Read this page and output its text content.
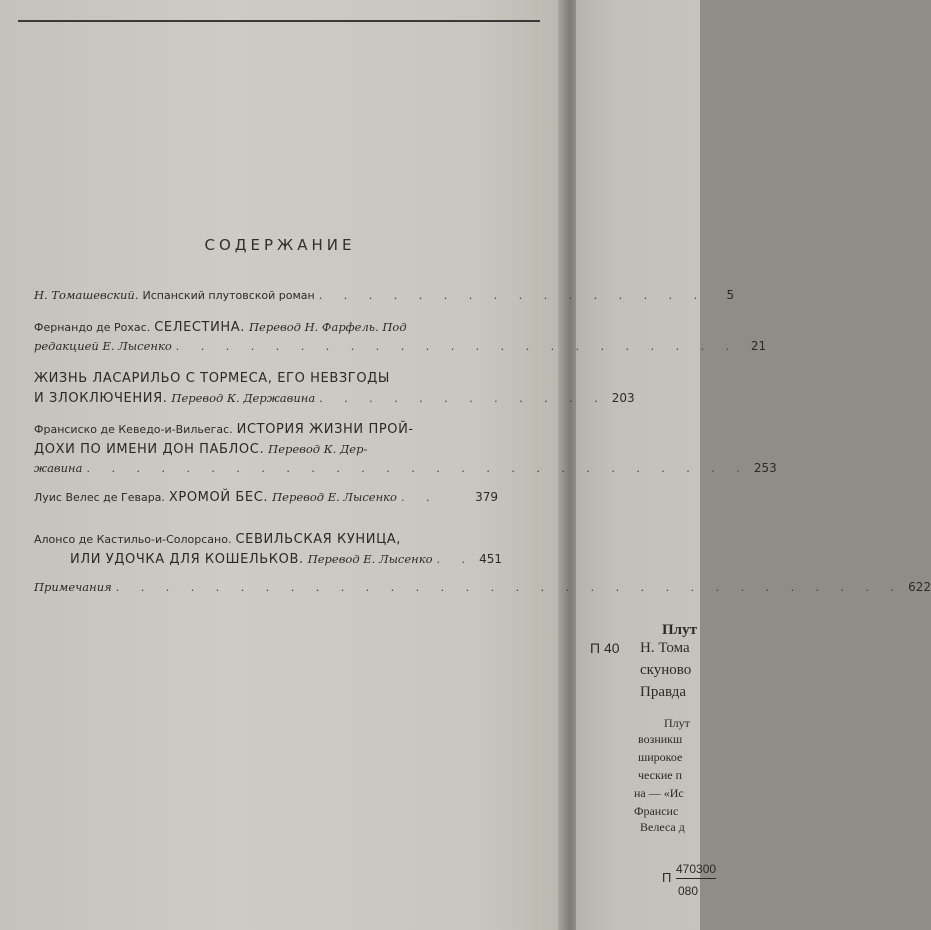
СОДЕРЖАНИЕ
Н. Томашевский.
Испанский плутовской роман . . . . . . . . . . . . . . . .	5
Фернандо де Рохас.
СЕЛЕСТИНА.
Перевод Н. Фарфель. Под
редакцией Е. Лысенко . . . . . . . . . . . . . . . . . . . . . . .	21
ЖИЗНЬ ЛАСАРИЛЬО С ТОРМЕСА, ЕГО НЕВЗГОДЫ
И ЗЛОКЛЮЧЕНИЯ.
Перевод К. Державина . . . . . . . . . . . . 203
Франсиско де Кеведо-и-Вильегас.
ИСТОРИЯ ЖИЗНИ ПРОЙ-
ДОХИ ПО ИМЕНИ ДОН ПАБЛОС.
Перевод К. Дер-
жавина . . . . . . . . . . . . . . . . . . . . . . . . . . . 253
Луис Велес де Гевара.
ХРОМОЙ БЕС.
Перевод Е. Лысенко . .	379
Алонсо де Кастильо-и-Солорсано.
СЕВИЛЬСКАЯ КУНИЦА,
ИЛИ УДОЧКА ДЛЯ КОШЕЛЬКОВ.
Перевод Е. Лысенко . . 451
Примечания . . . . . . . . . . . . . . . . . . . . . . . . . . . . . . . . 622
Плут
П 40 Н. Тома
скуново
Правда
Плут
возникш
широкое
ческие п
на — «Ис
Франсис
Велеса д
П
470300
080
